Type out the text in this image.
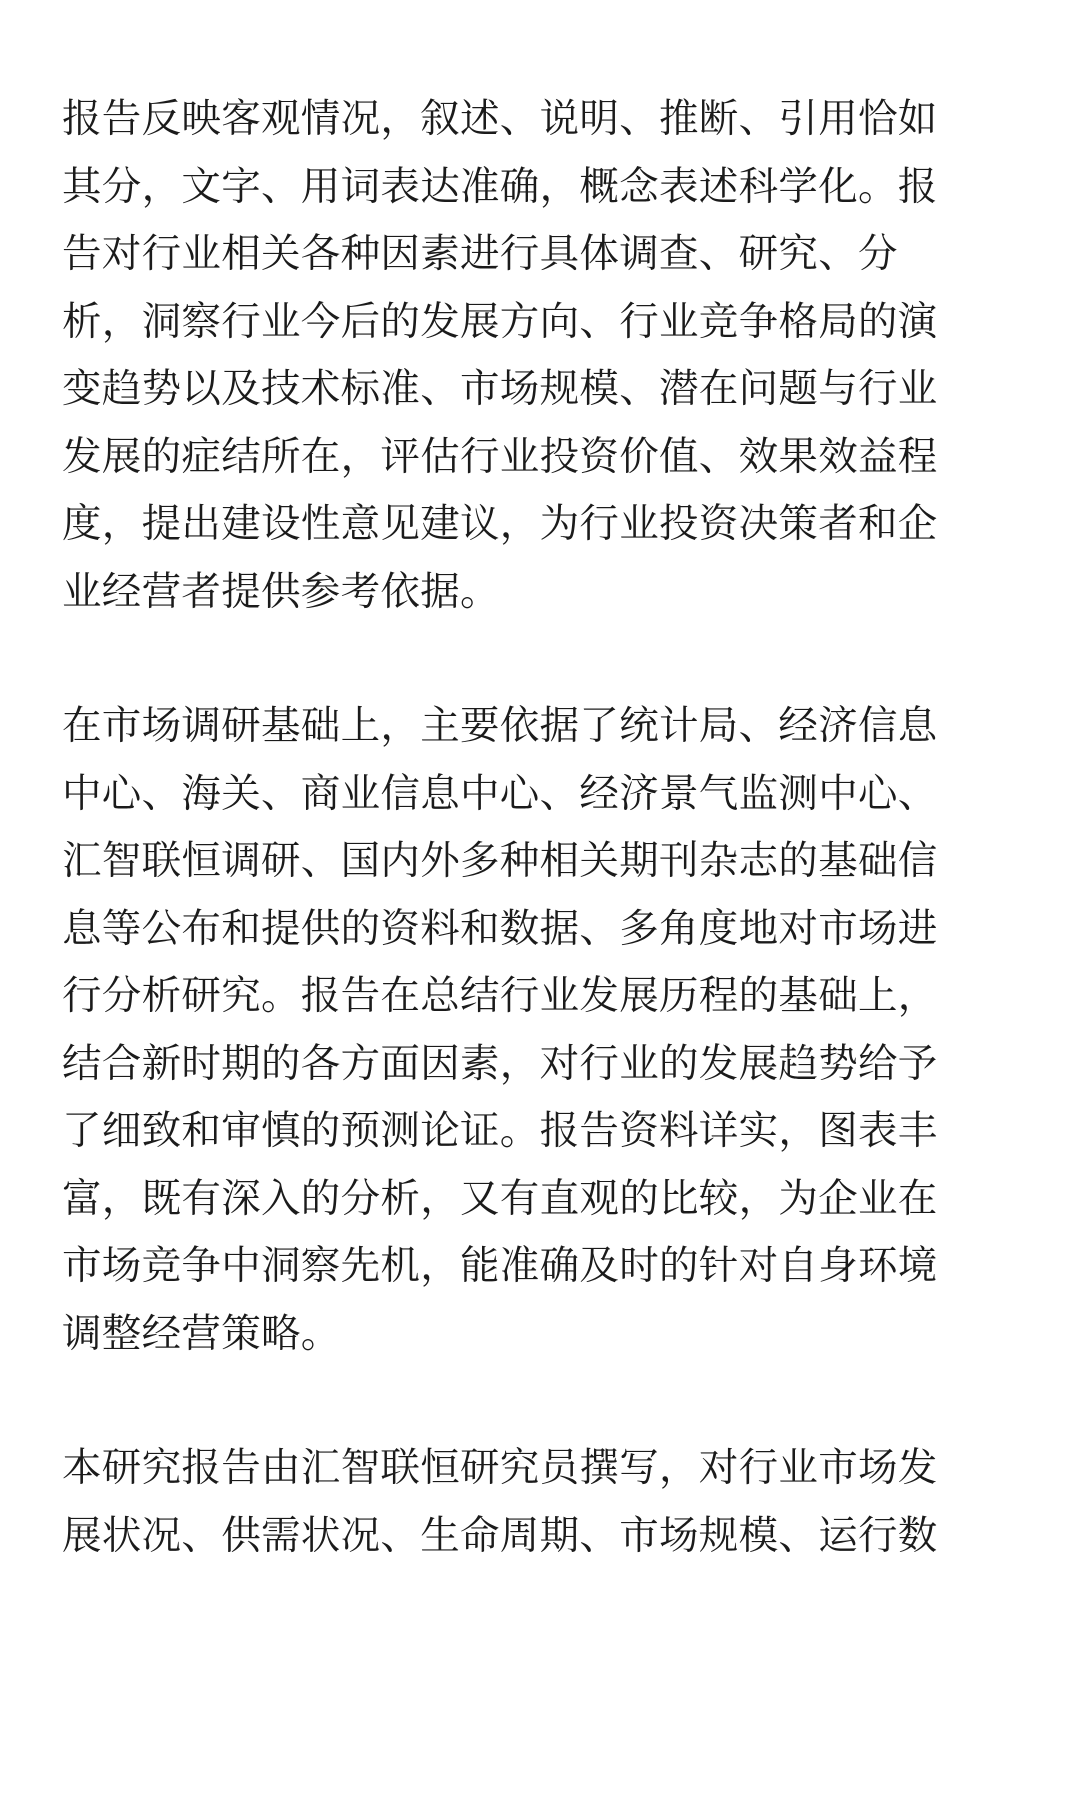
报告反映客观情况，叙述、说明、推断、引用恰如
其分，文字、用词表达准确，概念表述科学化。报
告对行业相关各种因素进行具体调查、研究、分
析，洞察行业今后的发展方向、行业竞争格局的演
变趋势以及技术标准、市场规模、潜在问题与行业
发展的症结所在，评估行业投资价值、效果效益程
度，提出建设性意见建议，为行业投资决策者和企
业经营者提供参考依据。

在市场调研基础上，主要依据了统计局、经济信息
中心、海关、商业信息中心、经济景气监测中心、
汇智联恒调研、国内外多种相关期刊杂志的基础信
息等公布和提供的资料和数据、多角度地对市场进
行分析研究。报告在总结行业发展历程的基础上，
结合新时期的各方面因素，对行业的发展趋势给予
了细致和审慎的预测论证。报告资料详实，图表丰
富，既有深入的分析，又有直观的比较，为企业在
市场竞争中洞察先机，能准确及时的针对自身环境
调整经营策略。

本研究报告由汇智联恒研究员撰写，对行业市场发
展状况、供需状况、生命周期、市场规模、运行数
